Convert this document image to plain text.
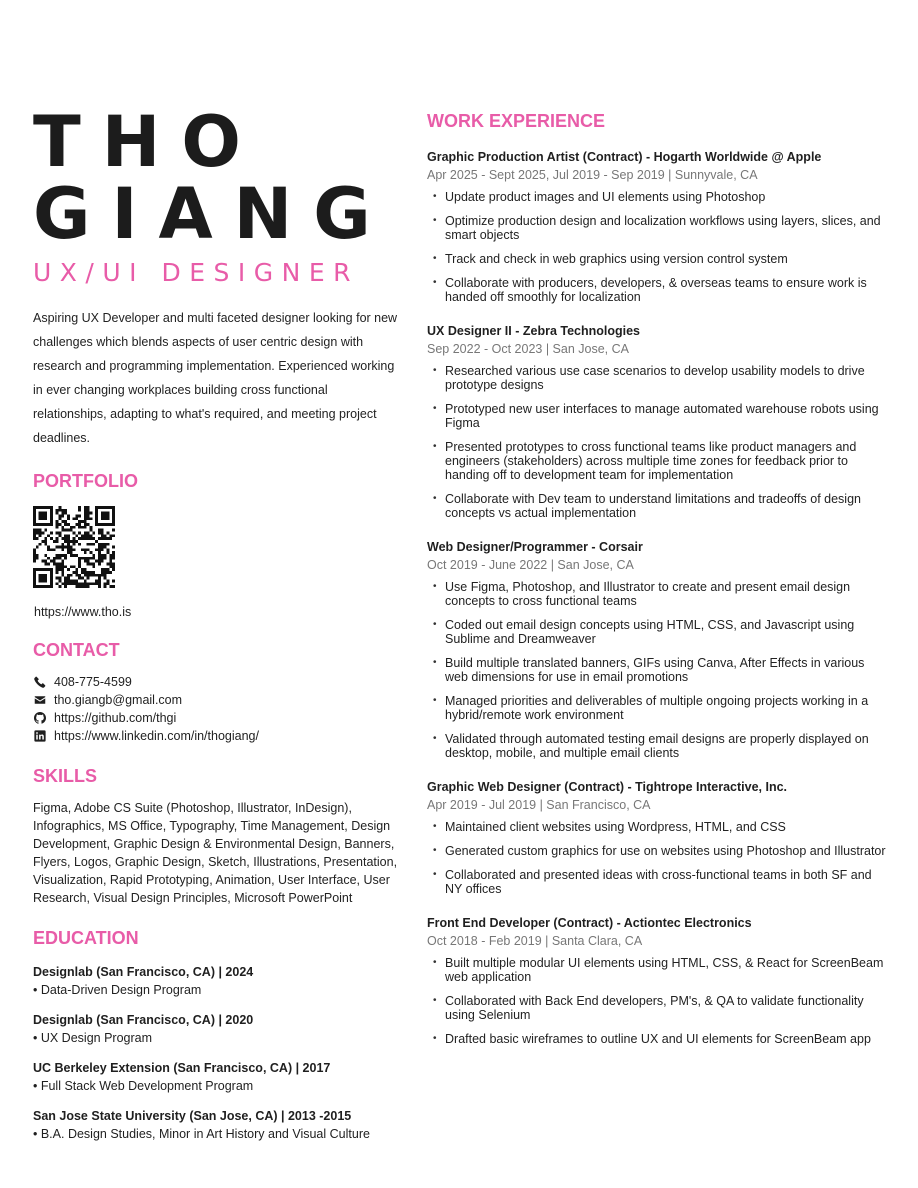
THO
GIANG
UX/UI DESIGNER
Aspiring UX Developer and multi faceted designer looking for new challenges which blends aspects of user centric design with research and programming implementation. Experienced working in ever changing workplaces building cross functional relationships, adapting to what's required, and meeting project deadlines.
PORTFOLIO
https://www.tho.is
CONTACT
408-775-4599
tho.giangb@gmail.com
https://github.com/thgi
https://www.linkedin.com/in/thogiang/
SKILLS
Figma, Adobe CS Suite (Photoshop, Illustrator, InDesign), Infographics, MS Office, Typography, Time Management, Design Development, Graphic Design & Environmental Design, Banners, Flyers, Logos, Graphic Design, Sketch, Illustrations, Presentation, Visualization, Rapid Prototyping, Animation, User Interface, User Research, Visual Design Principles, Microsoft PowerPoint
EDUCATION
Designlab (San Francisco, CA) | 2024
• Data-Driven Design Program
Designlab (San Francisco, CA) | 2020
• UX Design Program
UC Berkeley Extension (San Francisco, CA) | 2017
• Full Stack Web Development Program
San Jose State University (San Jose, CA) | 2013 -2015
• B.A. Design Studies, Minor in Art History and Visual Culture
WORK EXPERIENCE
Graphic Production Artist (Contract) - Hogarth Worldwide @ Apple
Apr 2025 - Sept 2025, Jul 2019 - Sep 2019 | Sunnyvale, CA
• Update product images and UI elements using Photoshop
• Optimize production design and localization workflows using layers, slices, and smart objects
• Track and check in web graphics using version control system
• Collaborate with producers, developers, & overseas teams to ensure work is handed off smoothly for localization
UX Designer II - Zebra Technologies
Sep 2022 - Oct 2023 | San Jose, CA
• Researched various use case scenarios to develop usability models to drive prototype designs
• Prototyped new user interfaces to manage automated warehouse robots using Figma
• Presented prototypes to cross functional teams like product managers and engineers (stakeholders) across multiple time zones for feedback prior to handing off to development team for implementation
• Collaborate with Dev team to understand limitations and tradeoffs of design concepts vs actual implementation
Web Designer/Programmer - Corsair
Oct 2019 - June 2022 | San Jose, CA
• Use Figma, Photoshop, and Illustrator to create and present email design concepts to cross functional teams
• Coded out email design concepts using HTML, CSS, and Javascript using Sublime and Dreamweaver
• Build multiple translated banners, GIFs using Canva, After Effects in various web dimensions for use in email promotions
• Managed priorities and deliverables of multiple ongoing projects working in a hybrid/remote work environment
• Validated through automated testing email designs are properly displayed on desktop, mobile, and multiple email clients
Graphic Web Designer (Contract) - Tightrope Interactive, Inc.
Apr 2019 - Jul 2019 | San Francisco, CA
• Maintained client websites using Wordpress, HTML, and CSS
• Generated custom graphics for use on websites using Photoshop and Illustrator
• Collaborated and presented ideas with cross-functional teams in both SF and NY offices
Front End Developer (Contract) - Actiontec Electronics
Oct 2018 - Feb 2019 | Santa Clara, CA
• Built multiple modular UI elements using HTML, CSS, & React for ScreenBeam web application
• Collaborated with Back End developers, PM's, & QA to validate functionality using Selenium
• Drafted basic wireframes to outline UX and UI elements for ScreenBeam app
